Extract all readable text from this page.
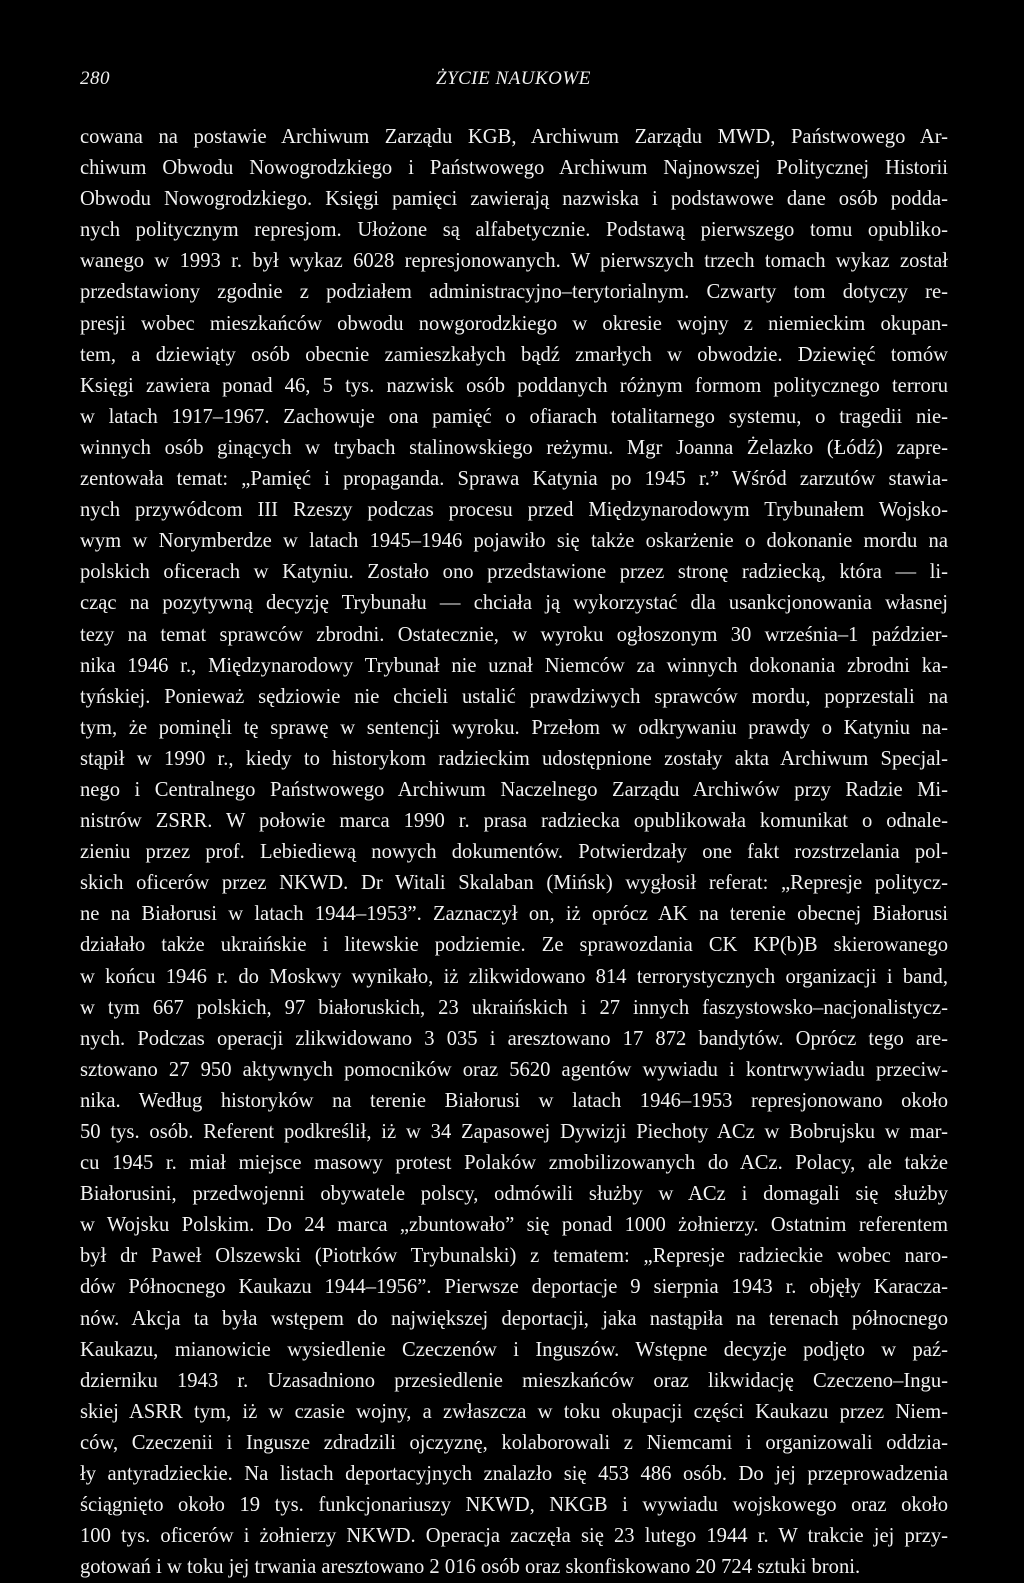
280	ŻYCIE NAUKOWE
cowana na postawie Archiwum Zarządu KGB, Archiwum Zarządu MWD, Państwowego Ar-
chiwum Obwodu Nowogrodzkiego i Państwowego Archiwum Najnowszej Politycznej Historii
Obwodu Nowogrodzkiego. Księgi pamięci zawierają nazwiska i podstawowe dane osób podda-
nych politycznym represjom. Ułożone są alfabetycznie. Podstawą pierwszego tomu opubliko-
wanego w 1993 r. był wykaz 6028 represjonowanych. W pierwszych trzech tomach wykaz został
przedstawiony zgodnie z podziałem administracyjno–terytorialnym. Czwarty tom dotyczy re-
presji wobec mieszkańców obwodu nowgorodzkiego w okresie wojny z niemieckim okupan-
tem, a dziewiąty osób obecnie zamieszkałych bądź zmarłych w obwodzie. Dziewięć tomów
Księgi zawiera ponad 46, 5 tys. nazwisk osób poddanych różnym formom politycznego terroru
w latach 1917–1967. Zachowuje ona pamięć o ofiarach totalitarnego systemu, o tragedii nie-
winnych osób ginących w trybach stalinowskiego reżymu. Mgr Joanna Żelazko (Łódź) zapre-
zentowała temat: „Pamięć i propaganda. Sprawa Katynia po 1945 r.” Wśród zarzutów stawia-
nych przywódcom III Rzeszy podczas procesu przed Międzynarodowym Trybunałem Wojsko-
wym w Norymberdze w latach 1945–1946 pojawiło się także oskarżenie o dokonanie mordu na
polskich oficerach w Katyniu. Zostało ono przedstawione przez stronę radziecką, która — li-
cząc na pozytywną decyzję Trybunału — chciała ją wykorzystać dla usankcjonowania własnej
tezy na temat sprawców zbrodni. Ostatecznie, w wyroku ogłoszonym 30 września–1 paździer-
nika 1946 r., Międzynarodowy Trybunał nie uznał Niemców za winnych dokonania zbrodni ka-
tyńskiej. Ponieważ sędziowie nie chcieli ustalić prawdziwych sprawców mordu, poprzestali na
tym, że pominęli tę sprawę w sentencji wyroku. Przełom w odkrywaniu prawdy o Katyniu na-
stąpił w 1990 r., kiedy to historykom radzieckim udostępnione zostały akta Archiwum Specjal-
nego i Centralnego Państwowego Archiwum Naczelnego Zarządu Archiwów przy Radzie Mi-
nistrów ZSRR. W połowie marca 1990 r. prasa radziecka opublikowała komunikat o odnale-
zieniu przez prof. Lebiediewą nowych dokumentów. Potwierdzały one fakt rozstrzelania pol-
skich oficerów przez NKWD. Dr Witali Skalaban (Mińsk) wygłosił referat: „Represje politycz-
ne na Białorusi w latach 1944–1953”. Zaznaczył on, iż oprócz AK na terenie obecnej Białorusi
działało także ukraińskie i litewskie podziemie. Ze sprawozdania CK KP(b)B skierowanego
w końcu 1946 r. do Moskwy wynikało, iż zlikwidowano 814 terrorystycznych organizacji i band,
w tym 667 polskich, 97 białoruskich, 23 ukraińskich i 27 innych faszystowsko–nacjonalistycz-
nych. Podczas operacji zlikwidowano 3 035 i aresztowano 17 872 bandytów. Oprócz tego are-
sztowano 27 950 aktywnych pomocników oraz 5620 agentów wywiadu i kontrwywiadu przeciw-
nika. Według historyków na terenie Białorusi w latach 1946–1953 represjonowano około
50 tys. osób. Referent podkreślił, iż w 34 Zapasowej Dywizji Piechoty ACz w Bobrujsku w mar-
cu 1945 r. miał miejsce masowy protest Polaków zmobilizowanych do ACz. Polacy, ale także
Białorusini, przedwojenni obywatele polscy, odmówili służby w ACz i domagali się służby
w Wojsku Polskim. Do 24 marca „zbuntowało” się ponad 1000 żołnierzy. Ostatnim referentem
był dr Paweł Olszewski (Piotrków Trybunalski) z tematem: „Represje radzieckie wobec naro-
dów Północnego Kaukazu 1944–1956”. Pierwsze deportacje 9 sierpnia 1943 r. objęły Karacza-
nów. Akcja ta była wstępem do największej deportacji, jaka nastąpiła na terenach północnego
Kaukazu, mianowicie wysiedlenie Czeczenów i Inguszów. Wstępne decyzje podjęto w paź-
dzierniku 1943 r. Uzasadniono przesiedlenie mieszkańców oraz likwidację Czeczeno–Ingu-
skiej ASRR tym, iż w czasie wojny, a zwłaszcza w toku okupacji części Kaukazu przez Niem-
ców, Czeczenii i Ingusze zdradzili ojczyznę, kolaborowali z Niemcami i organizowali oddzia-
ły antyradzieckie. Na listach deportacyjnych znalazło się 453 486 osób. Do jej przeprowadzenia
ściągnięto około 19 tys. funkcjonariuszy NKWD, NKGB i wywiadu wojskowego oraz około
100 tys. oficerów i żołnierzy NKWD. Operacja zaczęła się 23 lutego 1944 r. W trakcie jej przy-
gotowań i w toku jej trwania aresztowano 2 016 osób oraz skonfiskowano 20 724 sztuki broni.
